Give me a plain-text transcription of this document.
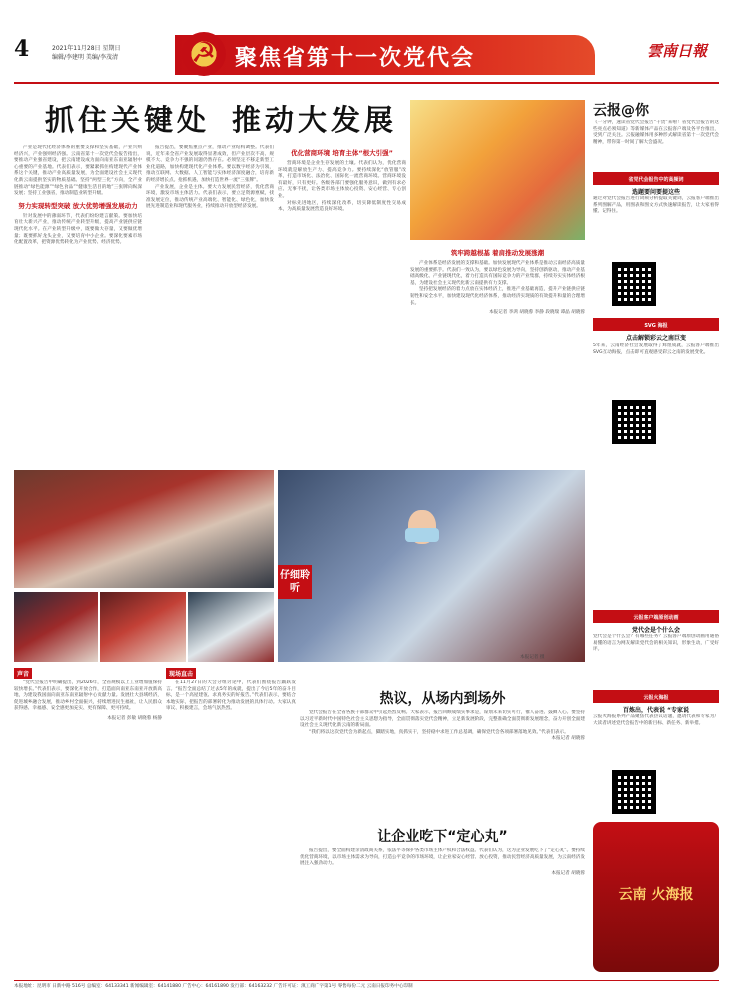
4	2021年11月28日 星期日
编辑/李建明 美编/李茂清
☭	聚焦省第十一次党代会	雲南日報
抓住关键处 推动大发展

产业是现代化经济体系的重要支撑和坚实基础，产业兴则经济兴，产业强则经济强。云南省第十一次党代会报告指出，要推动产业强省建设，把云南建设成为面向南亚东南亚辐射中心重要的产业基地。代表们表示，要紧紧抓住构建现代产业体系这个关键，推动产业高质量发展，为全面建设社会主义现代化新云南提供坚实的物质基础。坚持“两型三化”方向，全产业链推动“绿色能源”“绿色食品”“健康生活目的地”三张牌向纵深发展；坚持工业强省，推动制造业转型升级。

努力实现转型突破 放大优势增强发展动力

针对发展中的薄弱环节，代表们纷纷建言献策。要加快培育壮大新兴产业，推动传统产业转型升级，提高产业链供应链现代化水平。在产业转型升级中，既要做大存量，又要做优增量；既要抓好龙头企业，又要培育中小企业。要深化要素市场化配置改革，把资源优势转化为产业优势、经济优势。

报告提出，要聚焦重点产业，推动产业结构调整。代表们说，近年来全省产业发展取得显著成效，但产业层次不高、规模不大、竞争力不强的问题仍然存在。必须坚定不移走新型工业化道路，加快构建现代化产业体系。要以数字经济为引领，推动互联网、大数据、人工智能与实体经济深度融合，培育新的经济增长点。抢抓机遇，加快打造世界一流“三张牌”。

产业发展，企业是主体。要大力发展民营经济，优化营商环境，激发市场主体活力。代表们表示，要立足资源禀赋，找准发展定位，推动传统产业高端化、智能化、绿色化，加快发展先进制造业和现代服务业，持续推动开放型经济发展。

优化营商环境 培育主体“根大引强”

营商环境是企业生存发展的土壤。代表们认为，优化营商环境就是解放生产力、提高竞争力。要持续深化“放管服”改革，打造市场化、法治化、国际化一流营商环境。营商环境没有最好，只有更好。各级各部门要强化服务意识，做到有求必应、无事不扰，让各类市场主体放心投资、安心经营、专心创业。

对标先进地区，持续深化改革，切实降低制度性交易成本，为高质量发展营造良好环境。

筑牢跨越根基 着肩推动发展涨潮

产业体系是经济发展的支撑和基础。加快发展现代产业体系是推动云南经济高质量发展的重要抓手。代表们一致认为，要以绿色发展为导向，坚持创新驱动，推动产业基础高级化、产业链现代化，着力打造具有国际竞争力的产业集群，持续夯实实体经济根基，为建设社会主义现代化新云南提供有力支撑。

坚持把发展经济的着力点放在实体经济上，推进产业基础再造，提升产业链供应链韧性和安全水平，加快建设现代化经济体系，推动经济实现质的有效提升和量的合理增长。

本报记者 李鸿 胡晓蓉 李静 段晓瑞 谭晶 胡晓蓉
仔细聆听
本报记者 摄
声音

“党代会报告中明确提出，到2026年，全省规模以上工业增加值保持较快增长。”代表们表示，要深化开放合作，打造面向南亚东南亚开放新高地，为建设我国面向南亚东南亚辐射中心贡献力量。发展壮大县域经济，促进城乡融合发展，推动乡村全面振兴，持续增进民生福祉，让人民群众获得感、幸福感、安全感更加充实、更有保障、更可持续。

本报记者 彭敏 胡晓蓉 杨静
现场直击

在11月27日的大会分组讨论中，代表们围绕报告踊跃发言。“报告全面总结了过去5年的成就，提出了今后5年的奋斗目标，是一个高屋建瓴、求真务实的好报告。”代表们表示，要结合本地实际，把报告的部署转化为推动发展的具体行动。大家认真审议、积极建言，会场气氛热烈。

热议，从场内到场外

党代会报告在全省各族干部群众中引起热烈反响。大家表示，报告回顾成绩实事求是，谋划未来切实可行，催人奋进、鼓舞人心。要坚持以习近平新时代中国特色社会主义思想为指导，全面贯彻落实党代会精神，立足新发展阶段，完整准确全面贯彻新发展理念，奋力开创全面建设社会主义现代化新云南的新局面。

“我们将以这次党代会为新起点，脚踏实地，真抓实干，坚持稳中求进工作总基调，确保党代会各项部署落地见效。”代表们表示。

本报记者 胡晓蓉
让企业吃下“定心丸”

报告提出，要全面构建亲清政商关系，依法平等保护各类市场主体产权和合法权益。代表们认为，这为企业发展吃下了“定心丸”。要持续优化营商环境，以市场主体需求为导向，打造公平竞争的市场环境，让企业家安心经营、放心投资，推动民营经济高质量发展，为云南经济发展注入强劲动力。

本报记者 胡晓蓉
云报@你
《一分钟，速读省党代会报告“干货”来啦！省党代会报告的这些亮点必须知道》等新媒体产品在云报客户端及各平台推出，受到广泛关注。云报融媒体用多种形式解读省第十一次党代会精神，带你第一时间了解大会盛况。
省党代会报告中的高频词
选题要问要提这些
通过对党代会报告进行词频分析提取关键词，云报客户端推出系列图解产品，用图表和图文方式快速解读报告，让大家看得懂、记得住。
SVG 海报
点击解锁彩云之南巨变
5年来，云南经济社会发展取得了辉煌成就，云报客户端推出SVG互动海报，点击即可直观感受彩云之南的发展变化。
云报客户端原创动画
党代会是个什么会
党代会是个什么会？有哪些任务？云报客户端原创动画用通俗易懂的语言为网友解读党代会的相关知识，形象生动，广受好评。
云报火海报
百炼出，代表说 “专家说
云报火海报系列产品聚焦代表热议话题，邀请代表和专家为广大读者讲述党代会报告中的新目标、新任务、新举措。
云南 火海报
本报地址：昆明市 日新中路 516号 总编室：64133341 新闻编辑室：64141880 广告中心：64161890 发行部：64163232 广告许可证：滇工商广字第1号 零售每份二元 云南日报印务中心印制
